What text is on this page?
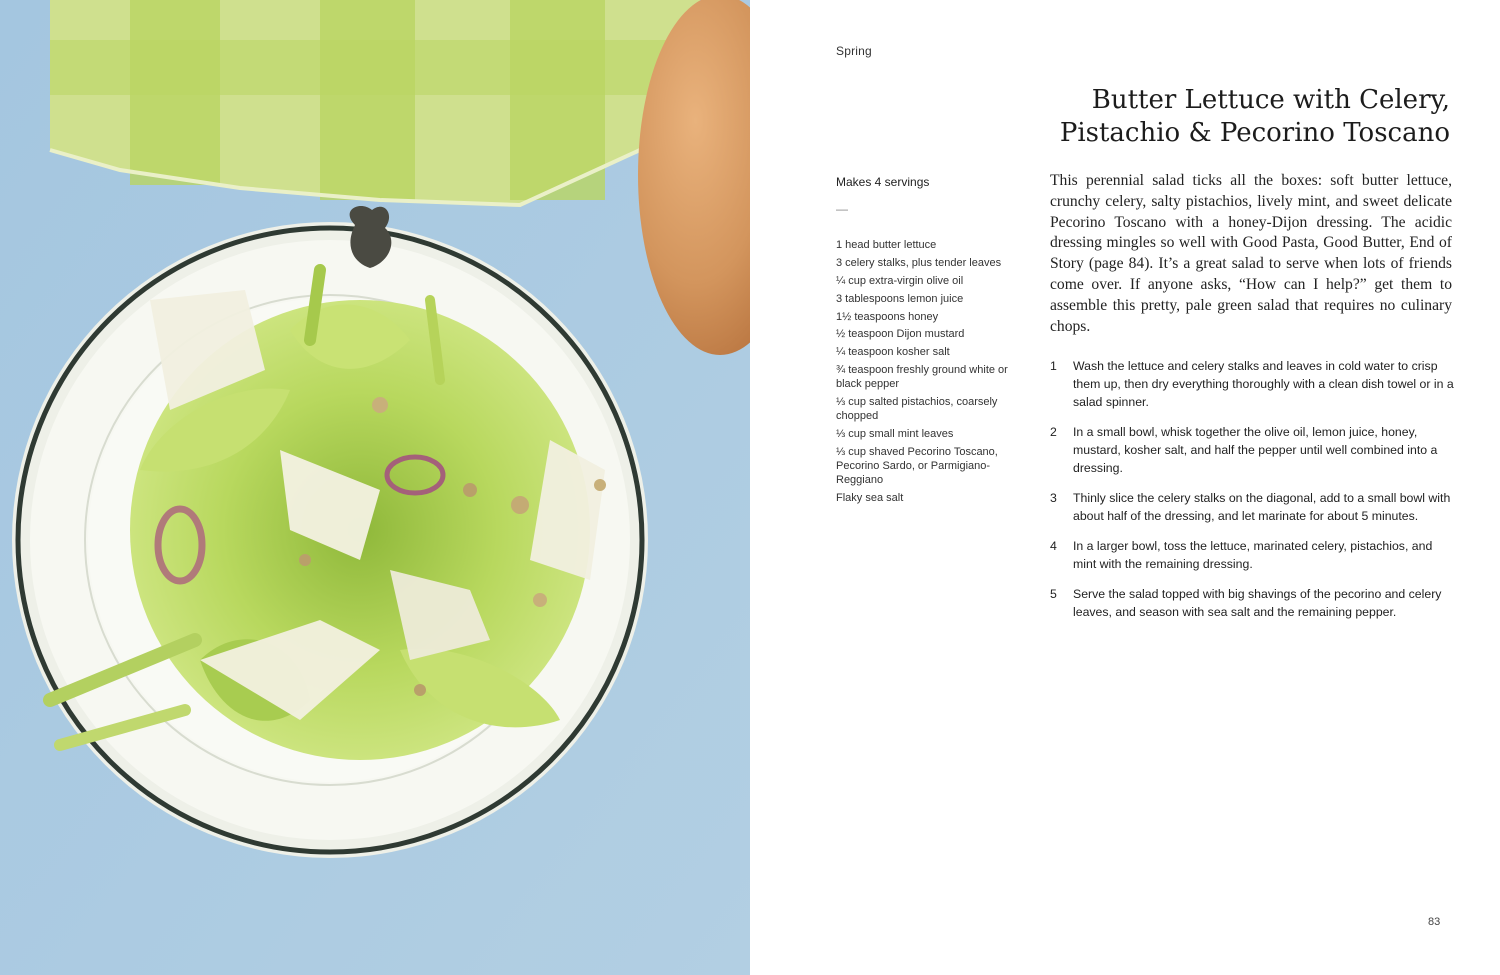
Spring
Butter Lettuce with Celery,
Pistachio & Pecorino Toscano
Makes 4 servings
—
1 head butter lettuce
3 celery stalks, plus tender leaves
¼ cup extra-virgin olive oil
3 tablespoons lemon juice
1½ teaspoons honey
½ teaspoon Dijon mustard
¼ teaspoon kosher salt
¾ teaspoon freshly ground white or black pepper
⅓ cup salted pistachios, coarsely chopped
⅓ cup small mint leaves
⅓ cup shaved Pecorino Toscano, Pecorino Sardo, or Parmigiano-Reggiano
Flaky sea salt

This perennial salad ticks all the boxes: soft butter lettuce, crunchy celery, salty pistachios, lively mint, and sweet delicate Pecorino Toscano with a honey-Dijon dressing. The acidic dressing mingles so well with Good Pasta, Good Butter, End of Story (page 84). It’s a great salad to serve when lots of friends come over. If anyone asks, “How can I help?” get them to assemble this pretty, pale green salad that requires no culinary chops.

1 Wash the lettuce and celery stalks and leaves in cold water to crisp them up, then dry everything thoroughly with a clean dish towel or in a salad spinner.
2 In a small bowl, whisk together the olive oil, lemon juice, honey, mustard, kosher salt, and half the pepper until well combined into a dressing.
3 Thinly slice the celery stalks on the diagonal, add to a small bowl with about half of the dressing, and let marinate for about 5 minutes.
4 In a larger bowl, toss the lettuce, marinated celery, pistachios, and mint with the remaining dressing.
5 Serve the salad topped with big shavings of the pecorino and celery leaves, and season with sea salt and the remaining pepper.
83
